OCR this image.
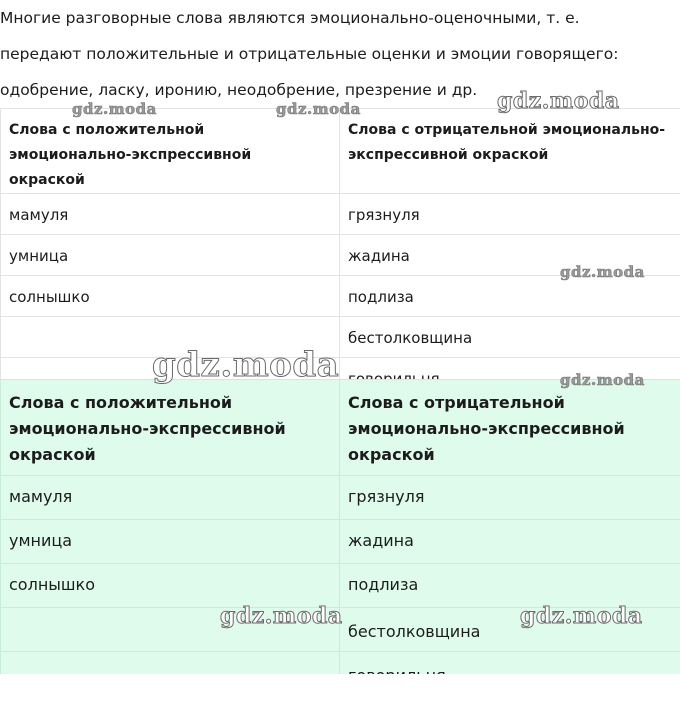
Многие разговорные слова являются эмоционально-оценочными, т. е.
передают положительные и отрицательные оценки и эмоции говорящего:
одобрение, ласку, иронию, неодобрение, презрение и др.
Слова с положительной эмоционально-экспрессивной окраской	Слова с отрицательной эмоционально-экспрессивной окраской
мамуля	грязнуля
умница	жадина
солнышко	подлиза
	бестолковщина

Слова с положительной эмоционально-экспрессивной окраской	Слова с отрицательной эмоционально-экспрессивной окраской
мамуля	грязнуля
умница	жадина
солнышко	подлиза
	бестолковщина

gdz.moda	gdz.moda	gdz.moda
gdz.moda
gdz.moda	gdz.moda
gdz.moda	gdz.moda
